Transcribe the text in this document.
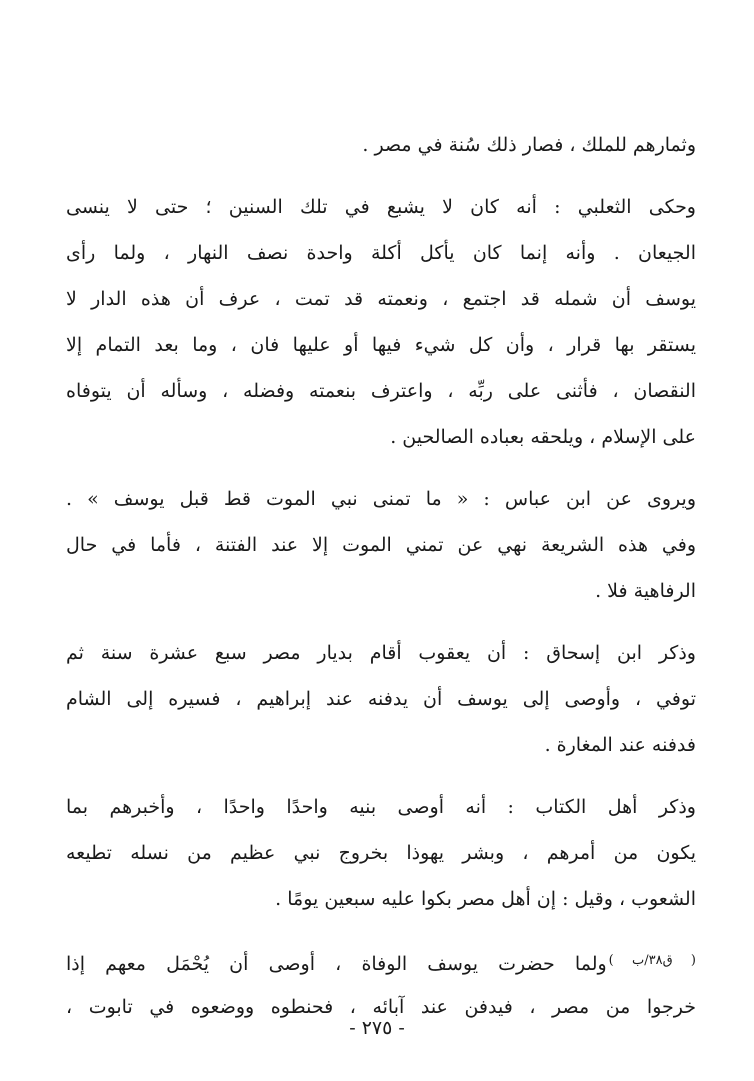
وثمارهم للملك ، فصار ذلك سُنة في مصر .
وحكى الثعلبي : أنه كان لا يشبع في تلك السنين ؛ حتى لا ينسى
الجيعان . وأنه إنما كان يأكل أكلة واحدة نصف النهار ، ولما رأى
يوسف أن شمله قد اجتمع ، ونعمته قد تمت ، عرف أن هذه الدار لا
يستقر بها قرار ، وأن كل شيء فيها أو عليها فان ، وما بعد التمام إلا
النقصان ، فأثنى على ربِّه ، واعترف بنعمته وفضله ، وسأله أن يتوفاه
على الإسلام ، ويلحقه بعباده الصالحين .
ويروى عن ابن عباس : « ما تمنى نبي الموت قط قبل يوسف » .
وفي هذه الشريعة نهي عن تمني الموت إلا عند الفتنة ، فأما في حال
الرفاهية فلا .
وذكر ابن إسحاق : أن يعقوب أقام بديار مصر سبع عشرة سنة ثم
توفي ، وأوصى إلى يوسف أن يدفنه عند إبراهيم ، فسيره إلى الشام
فدفنه عند المغارة .
وذكر أهل الكتاب : أنه أوصى بنيه واحدًا واحدًا ، وأخبرهم بما
يكون من أمرهم ، وبشر يهوذا بخروج نبي عظيم من نسله تطيعه
الشعوب ، وقيل : إن أهل مصر بكوا عليه سبعين يومًا .
$^{( ق٣٨/ب )}$ولما حضرت يوسف الوفاة ، أوصى أن يُحْمَل معهم إذا
خرجوا من مصر ، فيدفن عند آبائه ، فحنطوه ووضعوه في تابوت ،
- ٢٧٥ -
